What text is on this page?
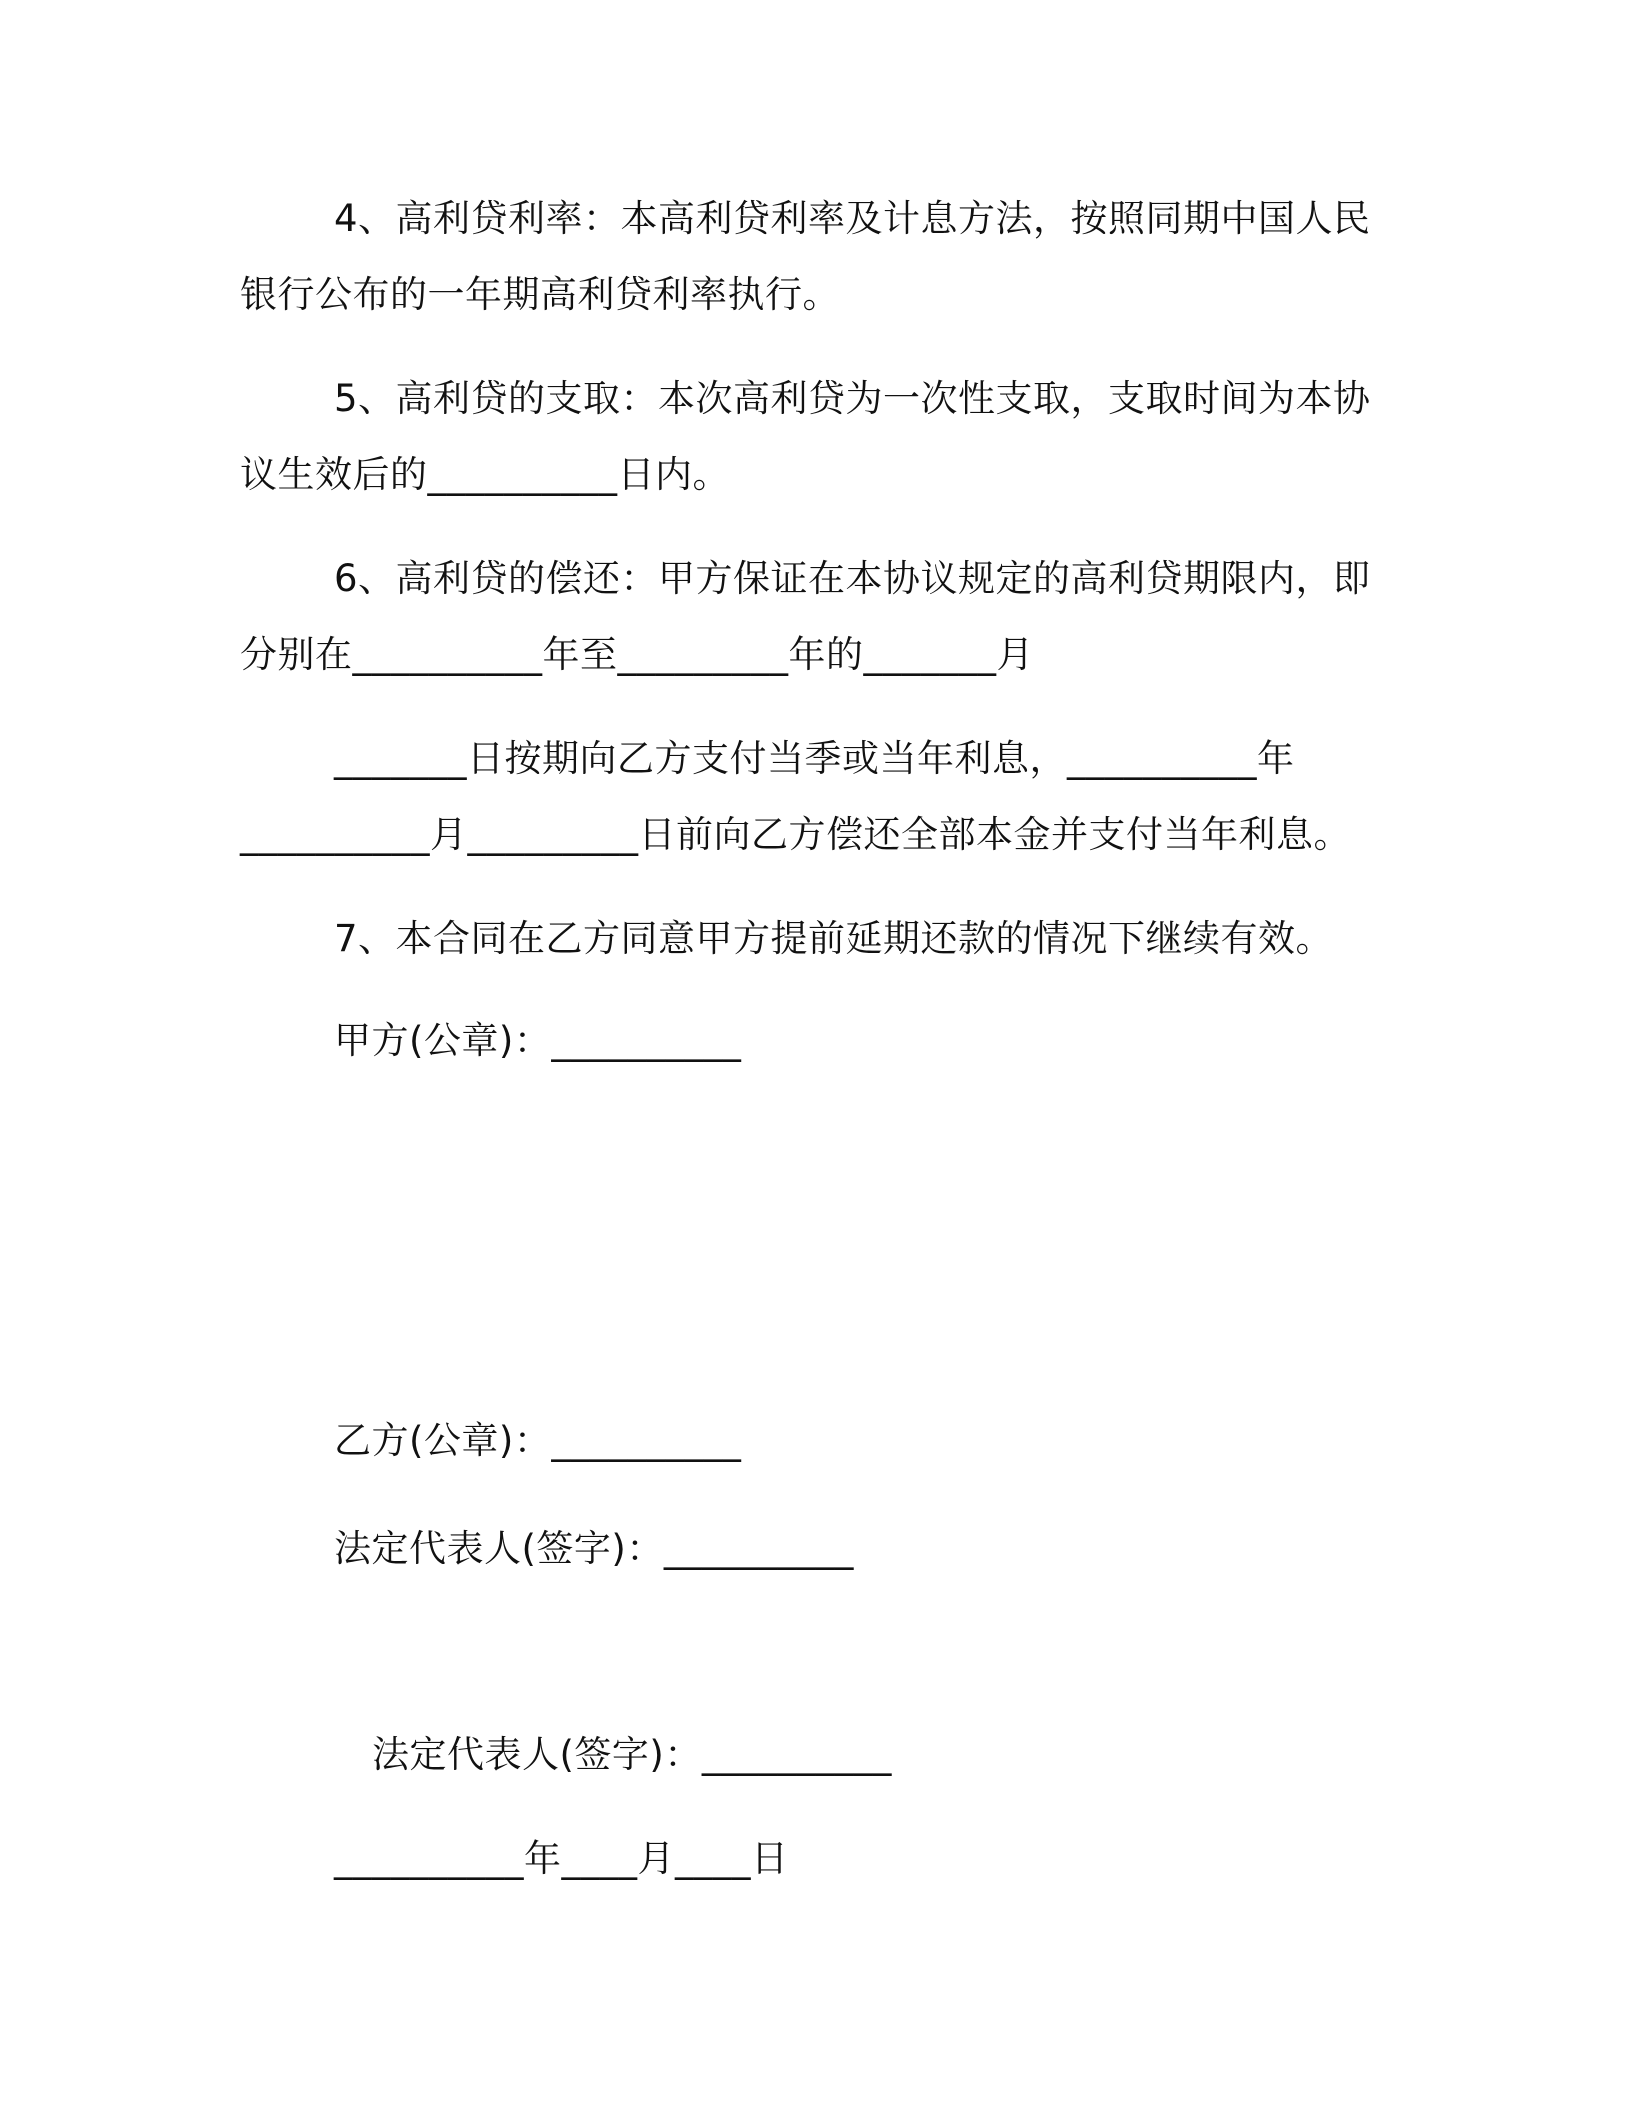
4、高利贷利率：本高利贷利率及计息方法，按照同期中国人民
银行公布的一年期高利贷利率执行。
5、高利贷的支取：本次高利贷为一次性支取，支取时间为本协
议生效后的__________日内。
6、高利贷的偿还：甲方保证在本协议规定的高利贷期限内，即
分别在__________年至_________年的_______月
_______日按期向乙方支付当季或当年利息，__________年
__________月_________日前向乙方偿还全部本金并支付当年利息。
7、本合同在乙方同意甲方提前延期还款的情况下继续有效。
甲方(公章)：__________
乙方(公章)：__________
法定代表人(签字)：__________
法定代表人(签字)：__________
__________年____月____日
